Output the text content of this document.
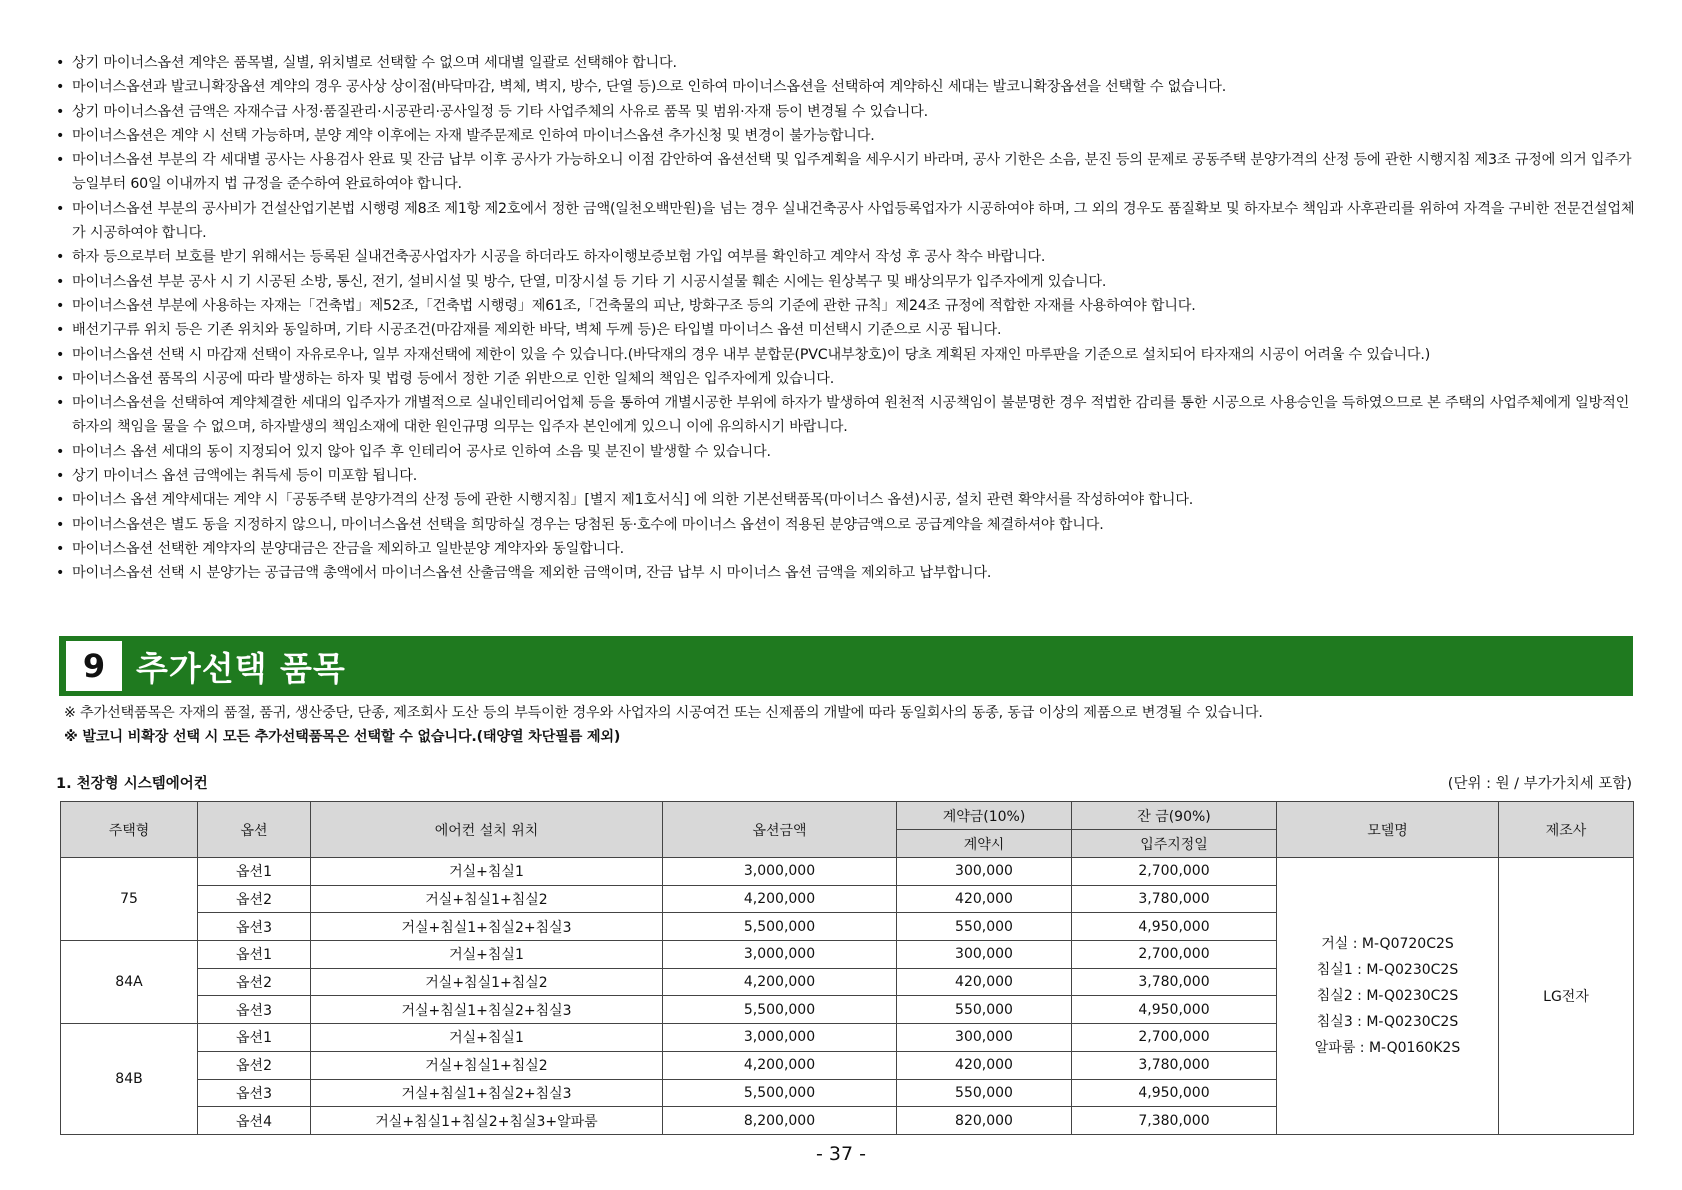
• 상기 마이너스옵션 계약은 품목별, 실별, 위치별로 선택할 수 없으며 세대별 일괄로 선택해야 합니다.
• 마이너스옵션과 발코니확장옵션 계약의 경우 공사상 상이점(바닥마감, 벽체, 벽지, 방수, 단열 등)으로 인하여 마이너스옵션을 선택하여 계약하신 세대는 발코니확장옵션을 선택할 수 없습니다.
• 상기 마이너스옵션 금액은 자재수급 사정·품질관리·시공관리·공사일정 등 기타 사업주체의 사유로 품목 및 범위·자재 등이 변경될 수 있습니다.
• 마이너스옵션은 계약 시 선택 가능하며, 분양 계약 이후에는 자재 발주문제로 인하여 마이너스옵션 추가신청 및 변경이 불가능합니다.
• 마이너스옵션 부분의 각 세대별 공사는 사용검사 완료 및 잔금 납부 이후 공사가 가능하오니 이점 감안하여 옵션선택 및 입주계획을 세우시기 바라며, 공사 기한은 소음, 분진 등의 문제로 공동주택 분양가격의 산정 등에 관한 시행지침 제3조 규정에 의거 입주가능일부터 60일 이내까지 법 규정을 준수하여 완료하여야 합니다.
• 마이너스옵션 부분의 공사비가 건설산업기본법 시행령 제8조 제1항 제2호에서 정한 금액(일천오백만원)을 넘는 경우 실내건축공사 사업등록업자가 시공하여야 하며, 그 외의 경우도 품질확보 및 하자보수 책임과 사후관리를 위하여 자격을 구비한 전문건설업체가 시공하여야 합니다.
• 하자 등으로부터 보호를 받기 위해서는 등록된 실내건축공사업자가 시공을 하더라도 하자이행보증보험 가입 여부를 확인하고 계약서 작성 후 공사 착수 바랍니다.
• 마이너스옵션 부분 공사 시 기 시공된 소방, 통신, 전기, 설비시설 및 방수, 단열, 미장시설 등 기타 기 시공시설물 훼손 시에는 원상복구 및 배상의무가 입주자에게 있습니다.
• 마이너스옵션 부분에 사용하는 자재는「건축법」제52조,「건축법 시행령」제61조,「건축물의 피난, 방화구조 등의 기준에 관한 규칙」제24조 규정에 적합한 자재를 사용하여야 합니다.
• 배선기구류 위치 등은 기존 위치와 동일하며, 기타 시공조건(마감재를 제외한 바닥, 벽체 두께 등)은 타입별 마이너스 옵션 미선택시 기준으로 시공 됩니다.
• 마이너스옵션 선택 시 마감재 선택이 자유로우나, 일부 자재선택에 제한이 있을 수 있습니다.(바닥재의 경우 내부 분합문(PVC내부창호)이 당초 계획된 자재인 마루판을 기준으로 설치되어 타자재의 시공이 어려울 수 있습니다.)
• 마이너스옵션 품목의 시공에 따라 발생하는 하자 및 법령 등에서 정한 기준 위반으로 인한 일체의 책임은 입주자에게 있습니다.
• 마이너스옵션을 선택하여 계약체결한 세대의 입주자가 개별적으로 실내인테리어업체 등을 통하여 개별시공한 부위에 하자가 발생하여 원천적 시공책임이 불분명한 경우 적법한 감리를 통한 시공으로 사용승인을 득하였으므로 본 주택의 사업주체에게 일방적인 하자의 책임을 물을 수 없으며, 하자발생의 책임소재에 대한 원인규명 의무는 입주자 본인에게 있으니 이에 유의하시기 바랍니다.
• 마이너스 옵션 세대의 동이 지정되어 있지 않아 입주 후 인테리어 공사로 인하여 소음 및 분진이 발생할 수 있습니다.
• 상기 마이너스 옵션 금액에는 취득세 등이 미포함 됩니다.
• 마이너스 옵션 계약세대는 계약 시「공동주택 분양가격의 산정 등에 관한 시행지침」[별지 제1호서식] 에 의한 기본선택품목(마이너스 옵션)시공, 설치 관련 확약서를 작성하여야 합니다.
• 마이너스옵션은 별도 동을 지정하지 않으니, 마이너스옵션 선택을 희망하실 경우는 당첨된 동·호수에 마이너스 옵션이 적용된 분양금액으로 공급계약을 체결하셔야 합니다.
• 마이너스옵션 선택한 계약자의 분양대금은 잔금을 제외하고 일반분양 계약자와 동일합니다.
• 마이너스옵션 선택 시 분양가는 공급금액 총액에서 마이너스옵션 산출금액을 제외한 금액이며, 잔금 납부 시 마이너스 옵션 금액을 제외하고 납부합니다.
9 추가선택 품목
※ 추가선택품목은 자재의 품절, 품귀, 생산중단, 단종, 제조회사 도산 등의 부득이한 경우와 사업자의 시공여건 또는 신제품의 개발에 따라 동일회사의 동종, 동급 이상의 제품으로 변경될 수 있습니다.
※ 발코니 비확장 선택 시 모든 추가선택품목은 선택할 수 없습니다.(태양열 차단필름 제외)
1. 천장형 시스템에어컨	(단위 : 원 / 부가가치세 포함)
주택형	옵션	에어컨 설치 위치	옵션금액	계약금(10%)	잔 금(90%)	모델명	제조사
				계약시	입주지정일		
75	옵션1	거실+침실1	3,000,000	300,000	2,700,000	거실 : M-Q0720C2S
침실1 : M-Q0230C2S
침실2 : M-Q0230C2S
침실3 : M-Q0230C2S
알파룸 : M-Q0160K2S	LG전자
	옵션2	거실+침실1+침실2	4,200,000	420,000	3,780,000		
	옵션3	거실+침실1+침실2+침실3	5,500,000	550,000	4,950,000		
84A	옵션1	거실+침실1	3,000,000	300,000	2,700,000		
	옵션2	거실+침실1+침실2	4,200,000	420,000	3,780,000		
	옵션3	거실+침실1+침실2+침실3	5,500,000	550,000	4,950,000		
84B	옵션1	거실+침실1	3,000,000	300,000	2,700,000		
	옵션2	거실+침실1+침실2	4,200,000	420,000	3,780,000		
	옵션3	거실+침실1+침실2+침실3	5,500,000	550,000	4,950,000		
	옵션4	거실+침실1+침실2+침실3+알파룸	8,200,000	820,000	7,380,000		
- 37 -
